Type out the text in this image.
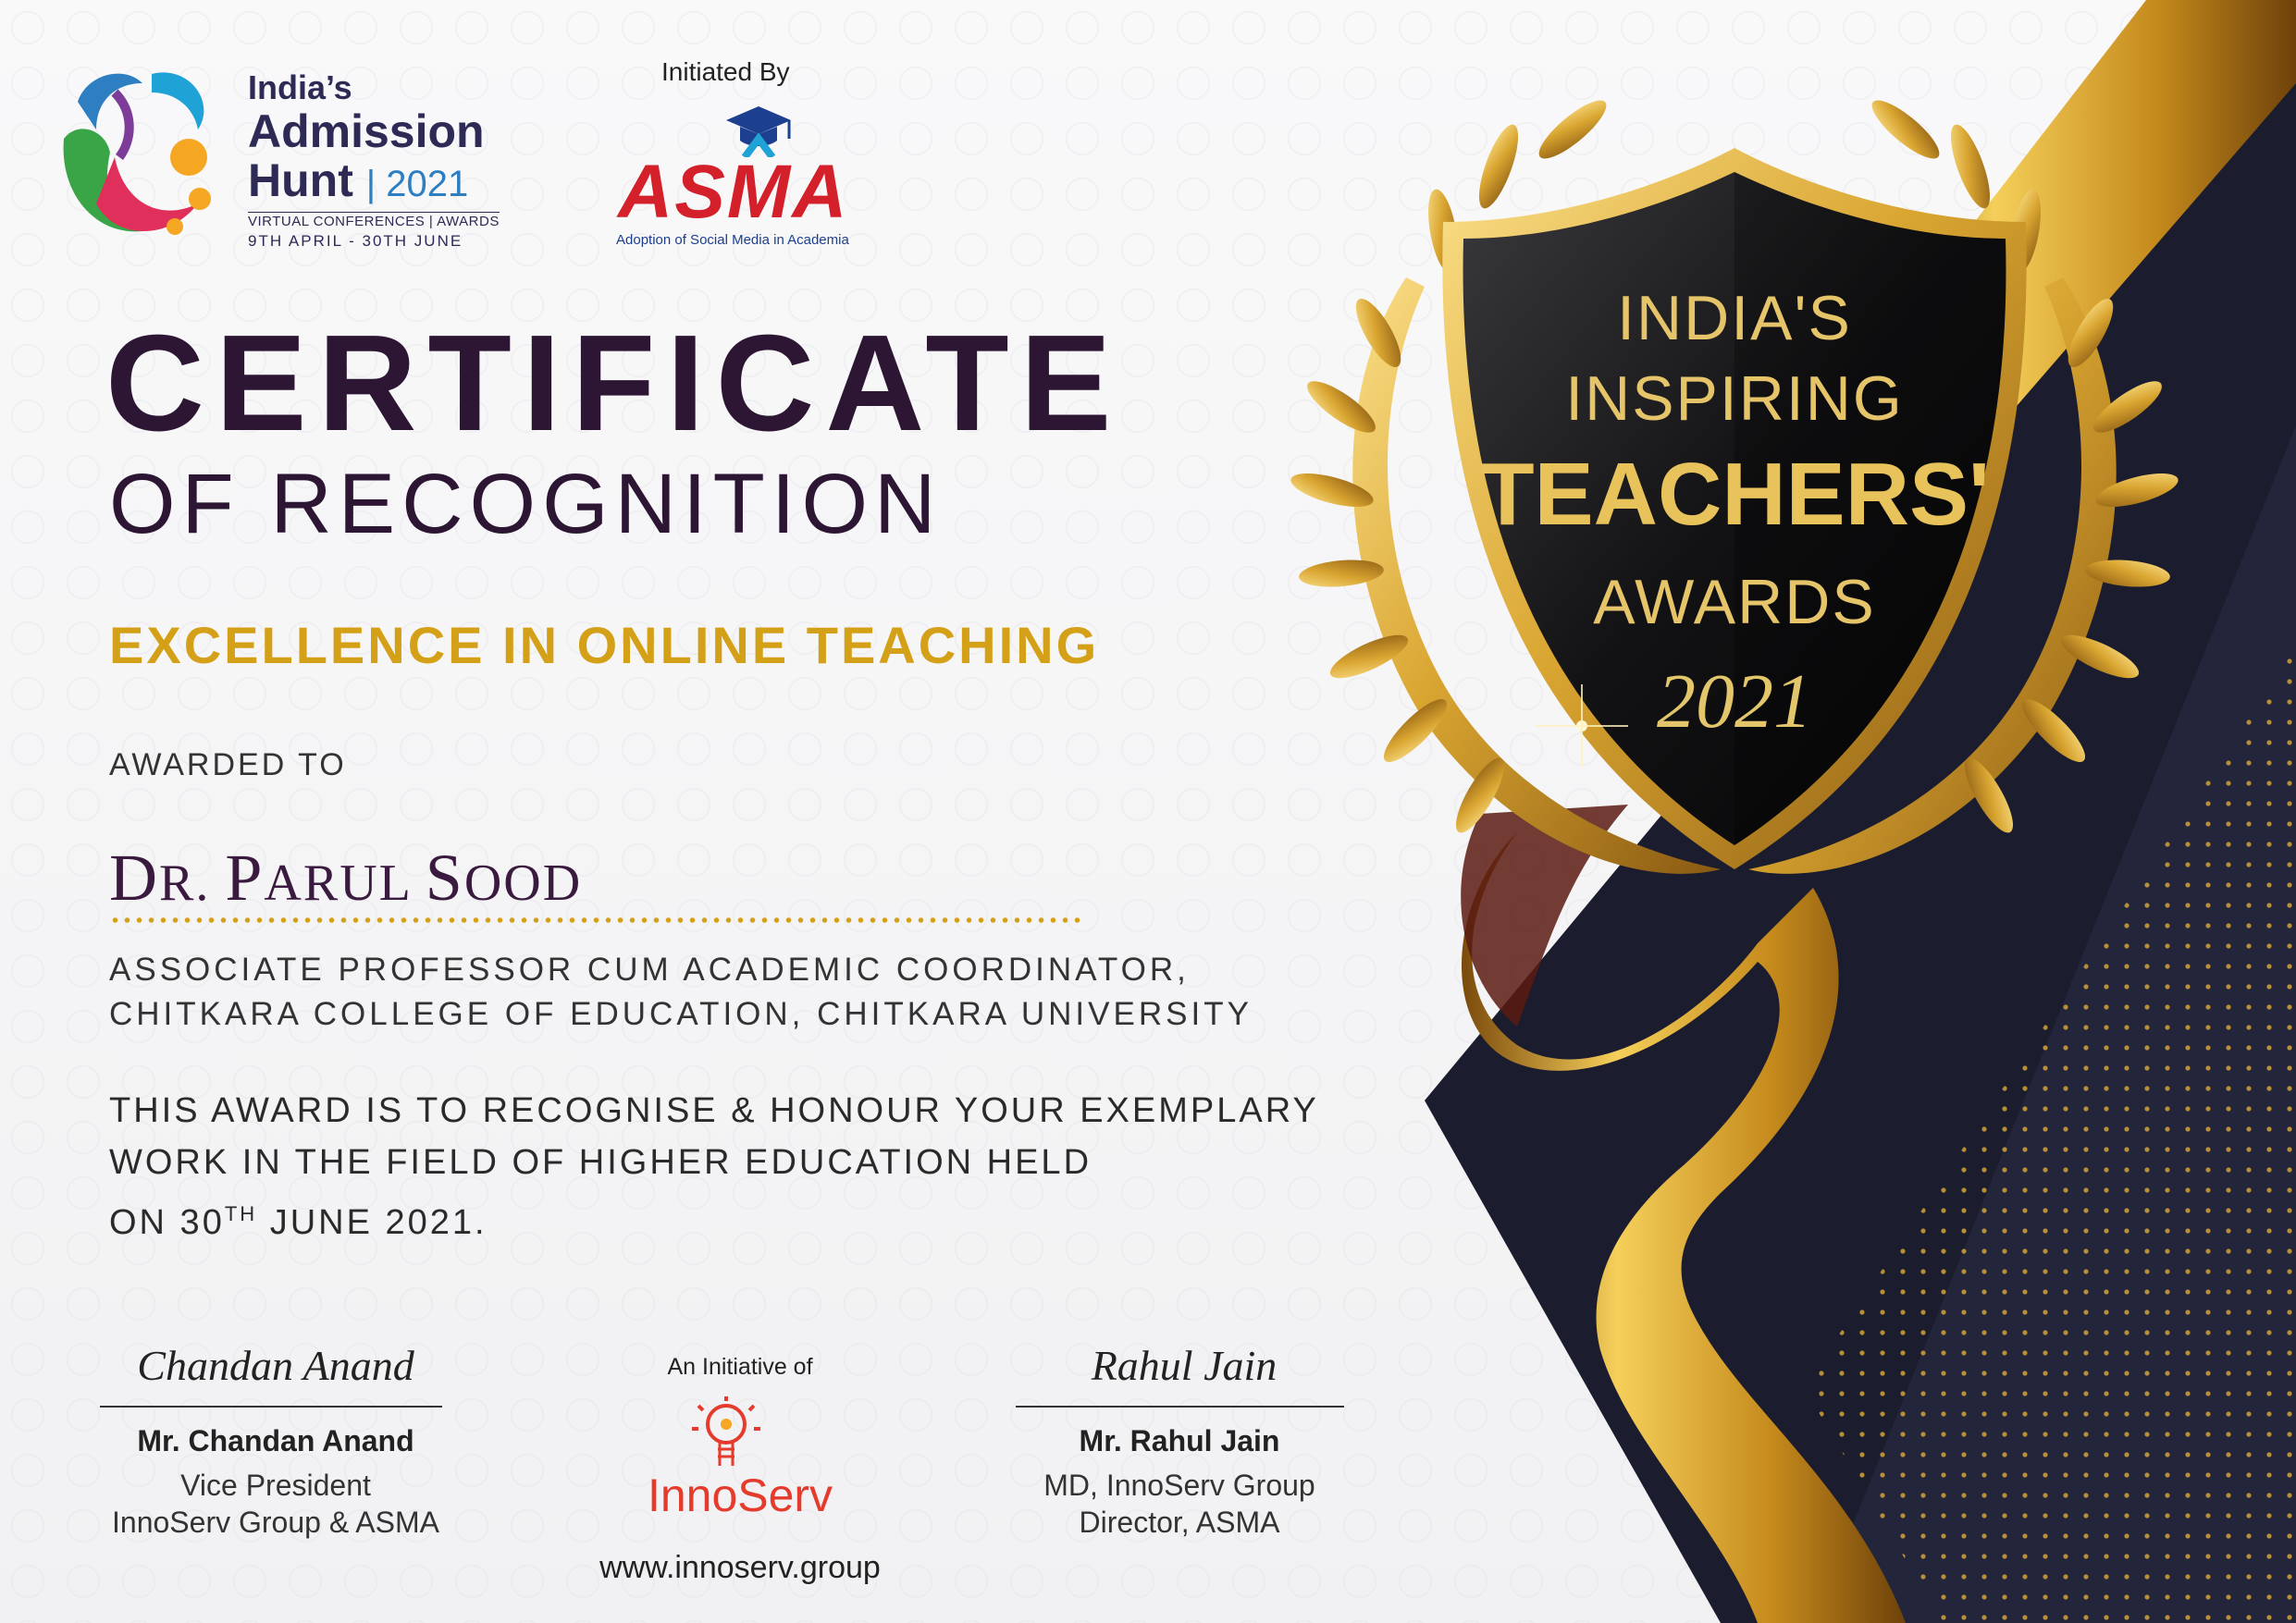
INDIA'S
INSPIRING
TEACHERS'
AWARDS
2021
India’s
Admission
Hunt | 2021
VIRTUAL CONFERENCES | AWARDS
9TH APRIL - 30TH JUNE
Initiated By
ASMA
Adoption of Social Media in Academia
CERTIFICATE
OF RECOGNITION
EXCELLENCE IN ONLINE TEACHING
AWARDED TO
DR. PARUL SOOD
ASSOCIATE PROFESSOR CUM ACADEMIC COORDINATOR,
CHITKARA COLLEGE OF EDUCATION, CHITKARA UNIVERSITY
THIS AWARD IS TO RECOGNISE & HONOUR YOUR EXEMPLARY
WORK IN THE FIELD OF HIGHER EDUCATION HELD
ON 30TH JUNE 2021.
Chandan Anand
Mr. Chandan Anand
Vice President
InnoServ Group & ASMA
An Initiative of
InnoServ
www.innoserv.group
Rahul Jain
Mr. Rahul Jain
MD, InnoServ Group
Director, ASMA
